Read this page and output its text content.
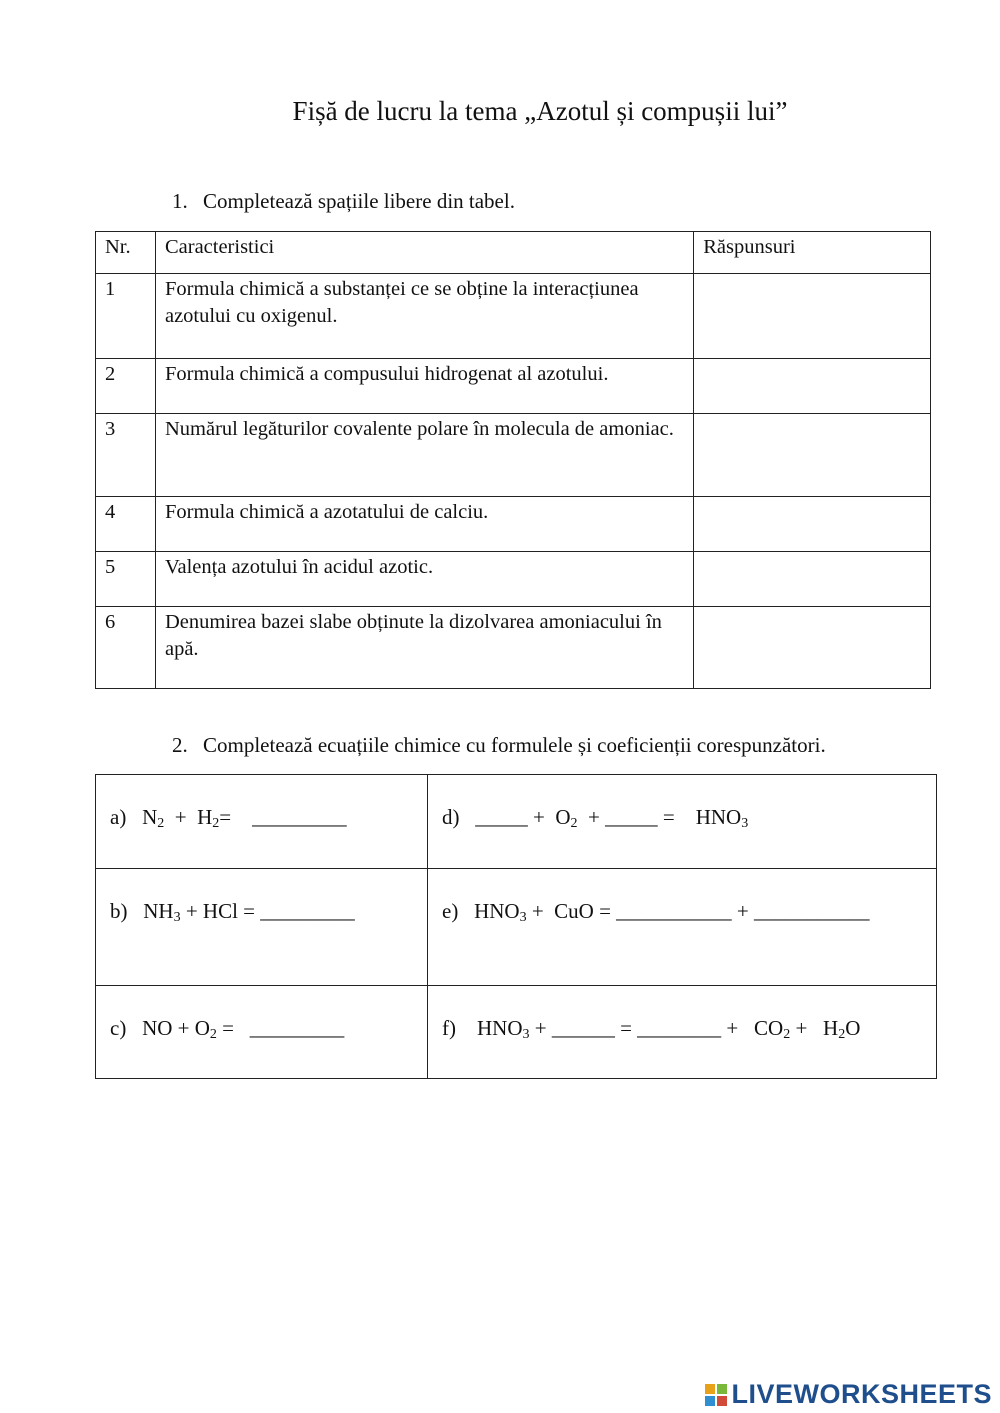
Fișă de lucru la tema „Azotul și compușii lui”
1. Completează spațiile libere din tabel.
Nr.	Caracteristici	Răspunsuri
1	Formula chimică a substanței ce se obține la interacțiunea azotului cu oxigenul.	
2	Formula chimică a compusului hidrogenat al azotului.	
3	Numărul legăturilor covalente polare în molecula de amoniac.	
4	Formula chimică a azotatului de calciu.	
5	Valența azotului în acidul azotic.	
6	Denumirea bazei slabe obținute la dizolvarea amoniacului în apă.	
2. Completează ecuațiile chimice cu formulele și coeficienții corespunzători.
a)   $N_2 + H_2=$    _________	d)   _____ +  $O_2$  + _____ =    $HNO_3$

b)   $NH_3$ + HCl = _________	e)   $HNO_3$ +  CuO = ___________ + ___________

c)   NO + $O_2$ =   _________	f)    $HNO_3$ + ______ = ________ +   $CO_2 + H_2O$
LIVEWORKSHEETS
